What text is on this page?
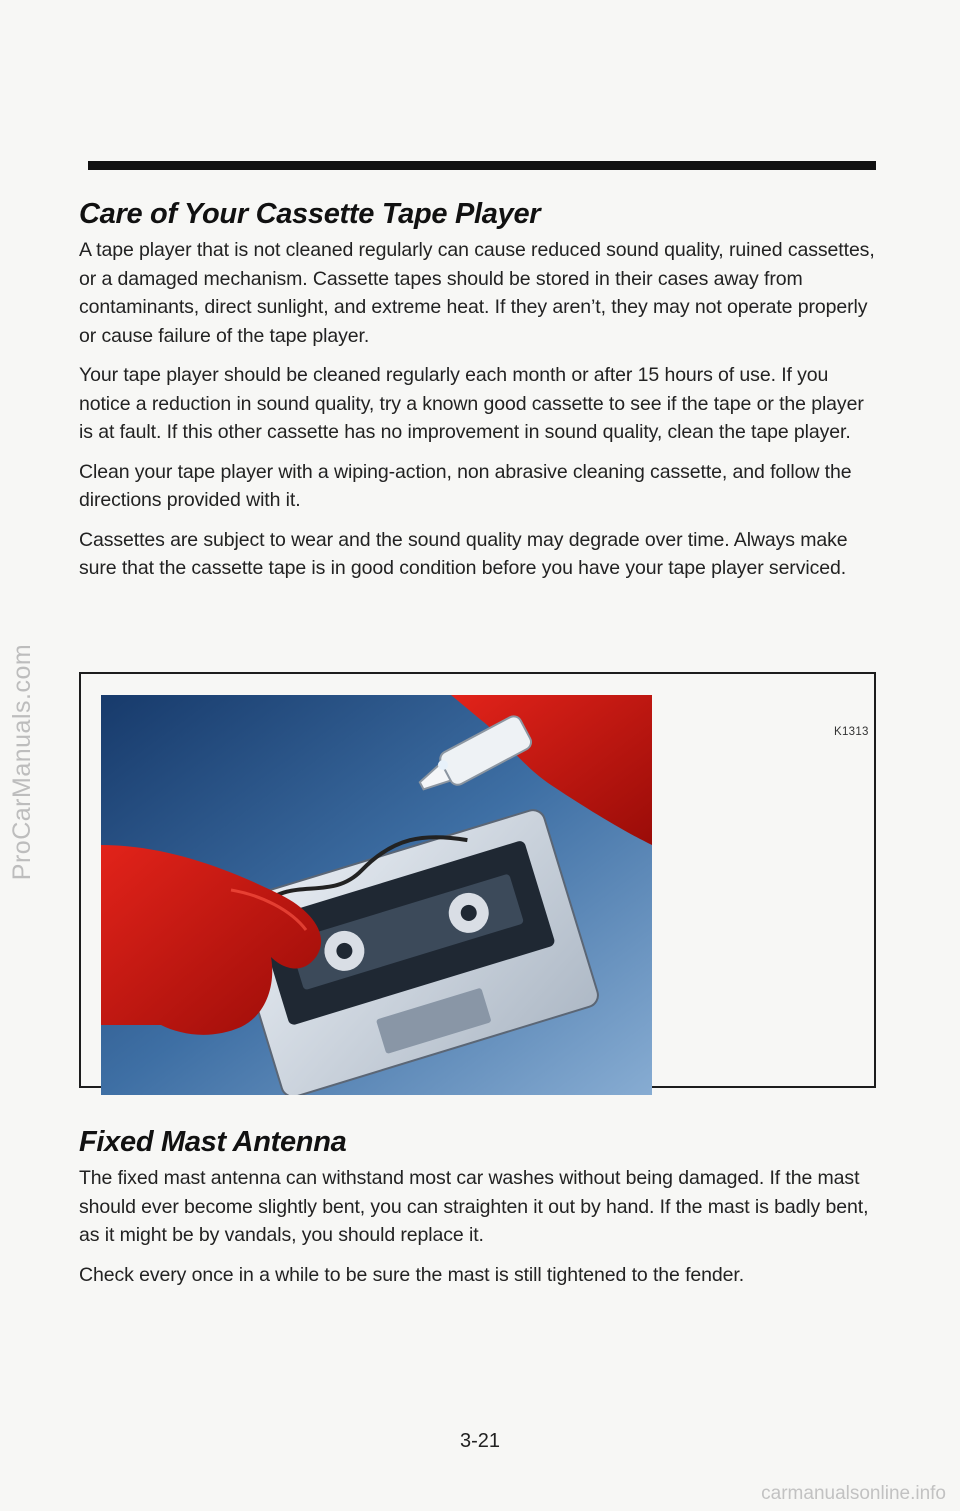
ProCarManuals.com
Care of Your Cassette Tape Player

A tape player that is not cleaned regularly can cause reduced sound quality, ruined cassettes, or a damaged mechanism. Cassette tapes should be stored in their cases away from contaminants, direct sunlight, and extreme heat. If they aren’t, they may not operate properly or cause failure of the tape player.

Your tape player should be cleaned regularly each month or after 15 hours of use. If you notice a reduction in sound quality, try a known good cassette to see if the tape or the player is at fault. If this other cassette has no improvement in sound quality, clean the tape player.

Clean your tape player with a wiping-action, non abrasive cleaning cassette, and follow the directions provided with it.

Cassettes are subject to wear and the sound quality may degrade over time. Always make sure that the cassette tape is in good condition before you have your tape player serviced.

K1313
Fixed Mast Antenna

The fixed mast antenna can withstand most car washes without being damaged. If the mast should ever become slightly bent, you can straighten it out by hand. If the mast is badly bent, as it might be by vandals, you should replace it.

Check every once in a while to be sure the mast is still tightened to the fender.

3-21
carmanualsonline.info
